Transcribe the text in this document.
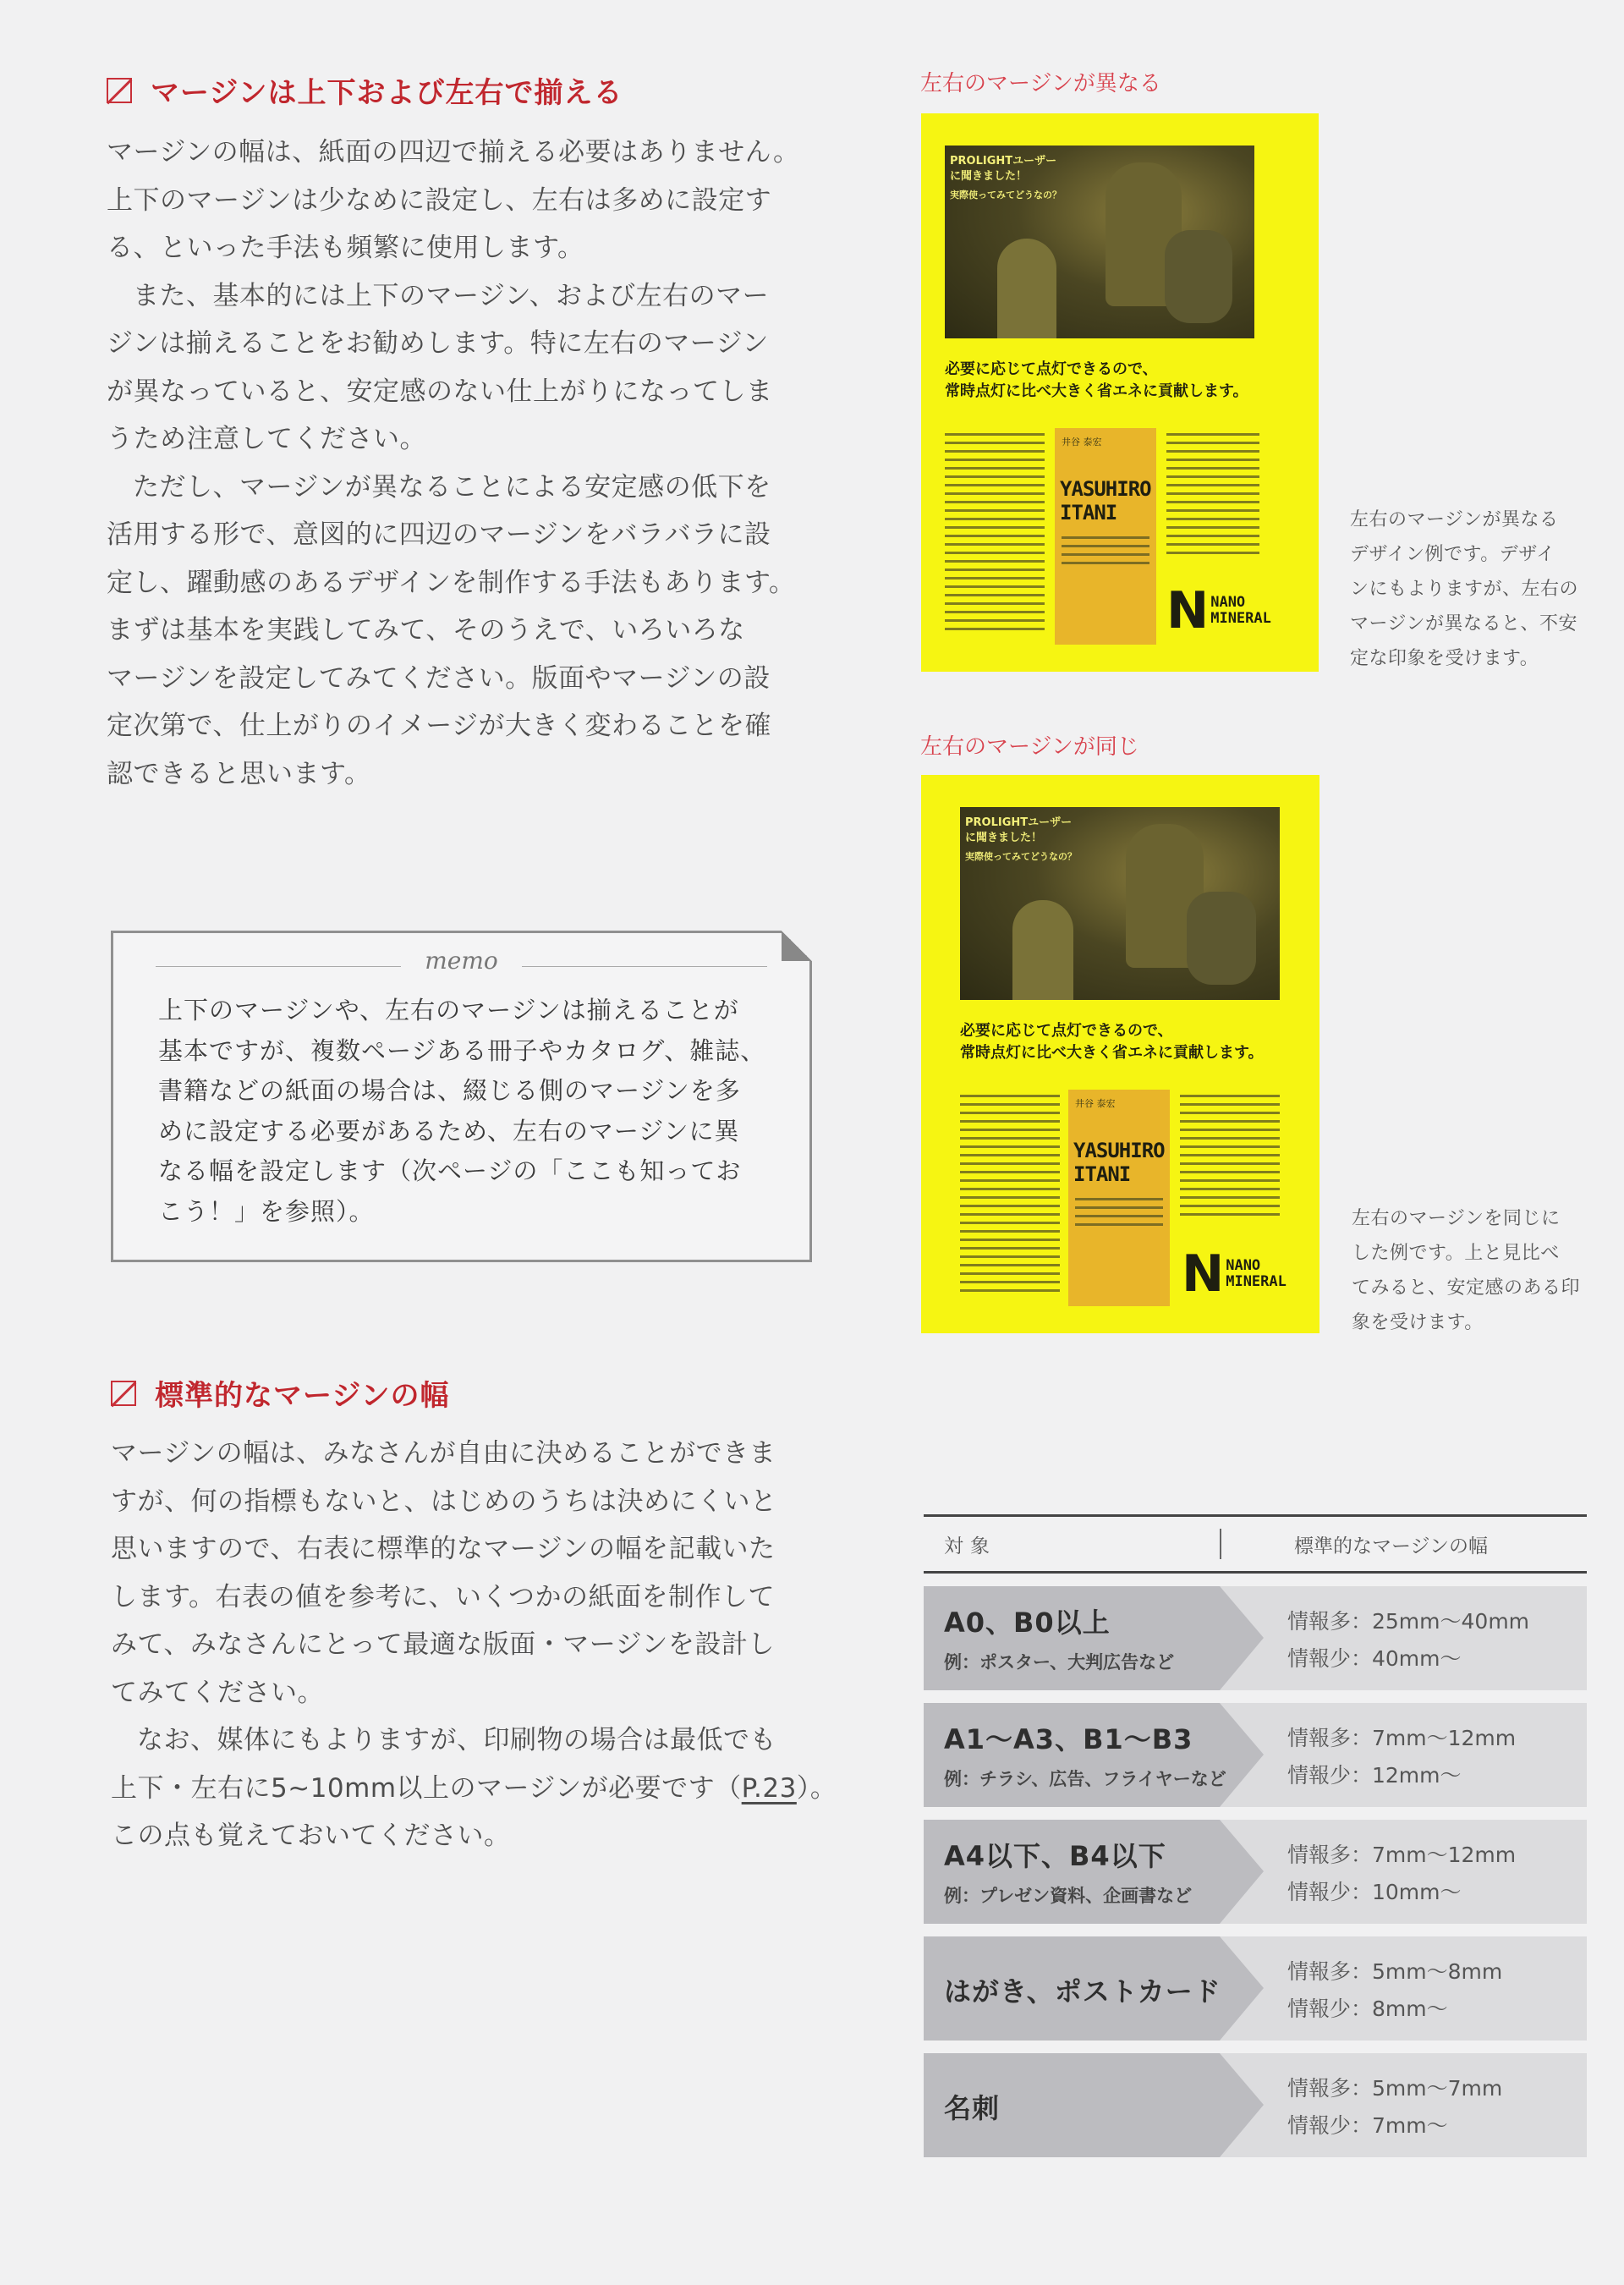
マージンは上下および左右で揃える

マージンの幅は、紙面の四辺で揃える必要はありません。

上下のマージンは少なめに設定し、左右は多めに設定す

る、といった手法も頻繁に使用します。

また、基本的には上下のマージン、および左右のマー

ジンは揃えることをお勧めします。特に左右のマージン

が異なっていると、安定感のない仕上がりになってしま

うため注意してください。

ただし、マージンが異なることによる安定感の低下を

活用する形で、意図的に四辺のマージンをバラバラに設

定し、躍動感のあるデザインを制作する手法もあります。

まずは基本を実践してみて、そのうえで、いろいろな

マージンを設定してみてください。版面やマージンの設

定次第で、仕上がりのイメージが大きく変わることを確

認できると思います。

memo

上下のマージンや、左右のマージンは揃えることが

基本ですが、複数ページある冊子やカタログ、雑誌、

書籍などの紙面の場合は、綴じる側のマージンを多

めに設定する必要があるため、左右のマージンに異

なる幅を設定します（次ページの「ここも知ってお

こう！」を参照）。

標準的なマージンの幅

マージンの幅は、みなさんが自由に決めることができま

すが、何の指標もないと、はじめのうちは決めにくいと

思いますので、右表に標準的なマージンの幅を記載いた

します。右表の値を参考に、いくつかの紙面を制作して

みて、みなさんにとって最適な版面・マージンを設計し

てみてください。

なお、媒体にもよりますが、印刷物の場合は最低でも

上下・左右に5~10mm以上のマージンが必要です（P.23）。

この点も覚えておいてください。

左右のマージンが異なる
PROLIGHTユーザー
に聞きました！
実際使ってみてどうなの？
必要に応じて点灯できるので、
常時点灯に比べ大きく省エネに貢献します。
井谷 泰宏
YASUHIRO
ITANI
N NANO
MINERAL

左右のマージンが異なる

デザイン例です。デザイ

ンにもよりますが、左右の

マージンが異なると、不安

定な印象を受けます。

左右のマージンが同じ
PROLIGHTユーザー
に聞きました！
実際使ってみてどうなの？
必要に応じて点灯できるので、
常時点灯に比べ大きく省エネに貢献します。
井谷 泰宏
YASUHIRO
ITANI
N NANO
MINERAL

左右のマージンを同じに

した例です。上と見比べ

てみると、安定感のある印

象を受けます。

対象	標準的なマージンの幅
A0、B0以上
例：ポスター、大判広告など
情報多：25mm～40mm
情報少：40mm～
A1～A3、B1～B3
例：チラシ、広告、フライヤーなど
情報多：7mm～12mm
情報少：12mm～
A4以下、B4以下
例：プレゼン資料、企画書など
情報多：7mm～12mm
情報少：10mm～
はがき、ポストカード
情報多：5mm～8mm
情報少：8mm～
名刺
情報多：5mm～7mm
情報少：7mm～
